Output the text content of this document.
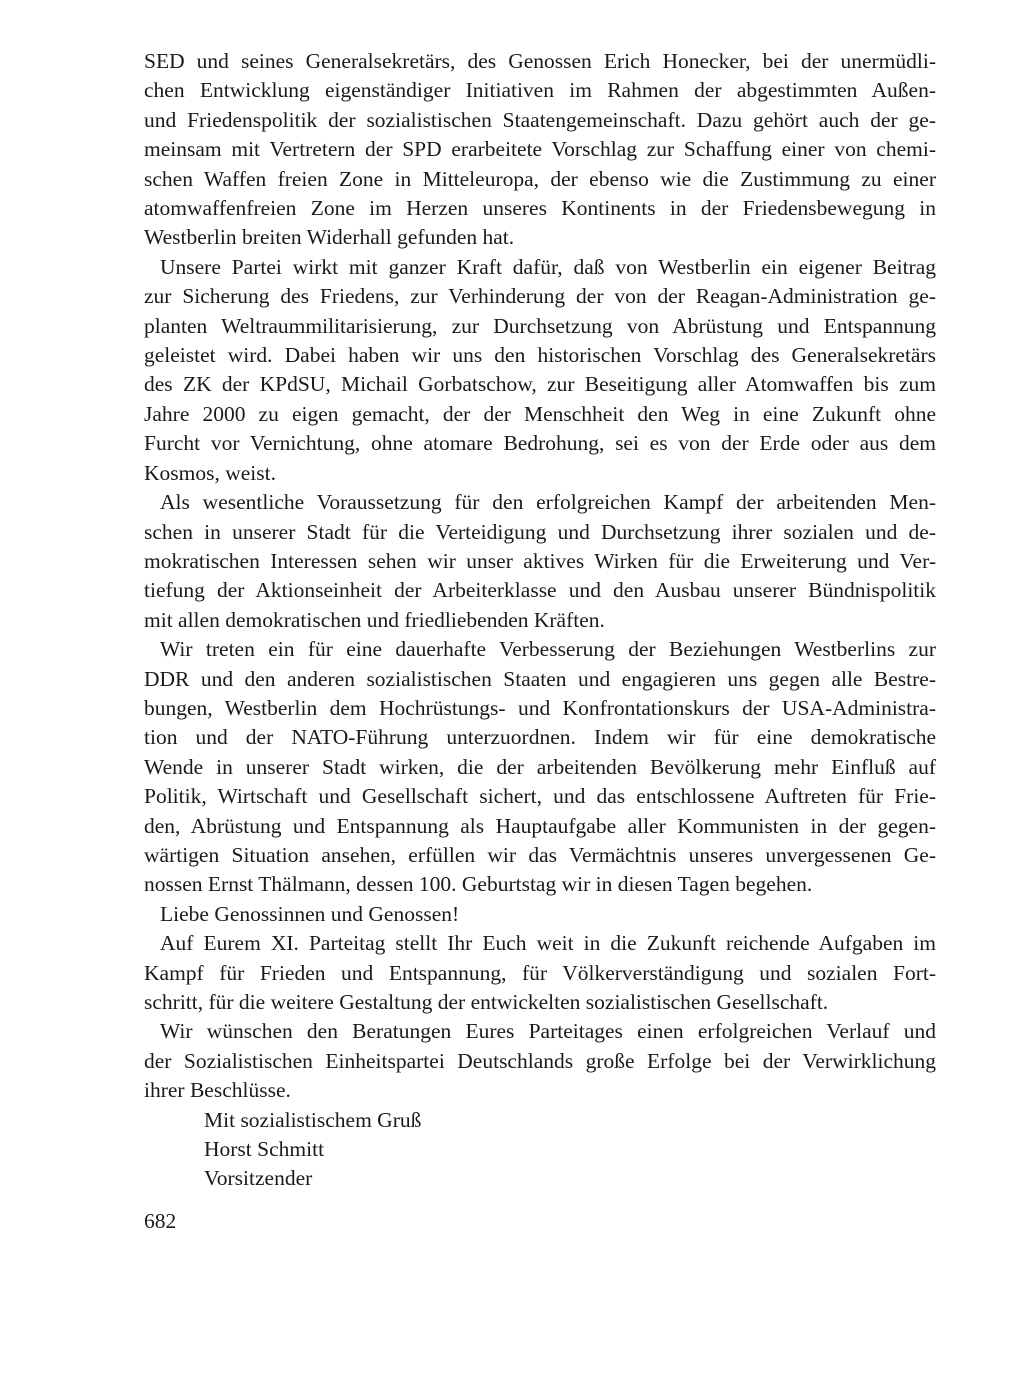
SED und seines Generalsekretärs, des Genossen Erich Honecker, bei der unermüdli-
chen Entwicklung eigenständiger Initiativen im Rahmen der abgestimmten Außen-
und Friedenspolitik der sozialistischen Staatengemeinschaft. Dazu gehört auch der ge-
meinsam mit Vertretern der SPD erarbeitete Vorschlag zur Schaffung einer von chemi-
schen Waffen freien Zone in Mitteleuropa, der ebenso wie die Zustimmung zu einer
atomwaffenfreien Zone im Herzen unseres Kontinents in der Friedensbewegung in
Westberlin breiten Widerhall gefunden hat.
Unsere Partei wirkt mit ganzer Kraft dafür, daß von Westberlin ein eigener Beitrag
zur Sicherung des Friedens, zur Verhinderung der von der Reagan-Administration ge-
planten Weltraummilitarisierung, zur Durchsetzung von Abrüstung und Entspannung
geleistet wird. Dabei haben wir uns den historischen Vorschlag des Generalsekretärs
des ZK der KPdSU, Michail Gorbatschow, zur Beseitigung aller Atomwaffen bis zum
Jahre 2000 zu eigen gemacht, der der Menschheit den Weg in eine Zukunft ohne
Furcht vor Vernichtung, ohne atomare Bedrohung, sei es von der Erde oder aus dem
Kosmos, weist.
Als wesentliche Voraussetzung für den erfolgreichen Kampf der arbeitenden Men-
schen in unserer Stadt für die Verteidigung und Durchsetzung ihrer sozialen und de-
mokratischen Interessen sehen wir unser aktives Wirken für die Erweiterung und Ver-
tiefung der Aktionseinheit der Arbeiterklasse und den Ausbau unserer Bündnispolitik
mit allen demokratischen und friedliebenden Kräften.
Wir treten ein für eine dauerhafte Verbesserung der Beziehungen Westberlins zur
DDR und den anderen sozialistischen Staaten und engagieren uns gegen alle Bestre-
bungen, Westberlin dem Hochrüstungs- und Konfrontationskurs der USA-Administra-
tion und der NATO-Führung unterzuordnen. Indem wir für eine demokratische
Wende in unserer Stadt wirken, die der arbeitenden Bevölkerung mehr Einfluß auf
Politik, Wirtschaft und Gesellschaft sichert, und das entschlossene Auftreten für Frie-
den, Abrüstung und Entspannung als Hauptaufgabe aller Kommunisten in der gegen-
wärtigen Situation ansehen, erfüllen wir das Vermächtnis unseres unvergessenen Ge-
nossen Ernst Thälmann, dessen 100. Geburtstag wir in diesen Tagen begehen.
Liebe Genossinnen und Genossen!
Auf Eurem XI. Parteitag stellt Ihr Euch weit in die Zukunft reichende Aufgaben im
Kampf für Frieden und Entspannung, für Völkerverständigung und sozialen Fort-
schritt, für die weitere Gestaltung der entwickelten sozialistischen Gesellschaft.
Wir wünschen den Beratungen Eures Parteitages einen erfolgreichen Verlauf und
der Sozialistischen Einheitspartei Deutschlands große Erfolge bei der Verwirklichung
ihrer Beschlüsse.
Mit sozialistischem Gruß
Horst Schmitt
Vorsitzender
682
